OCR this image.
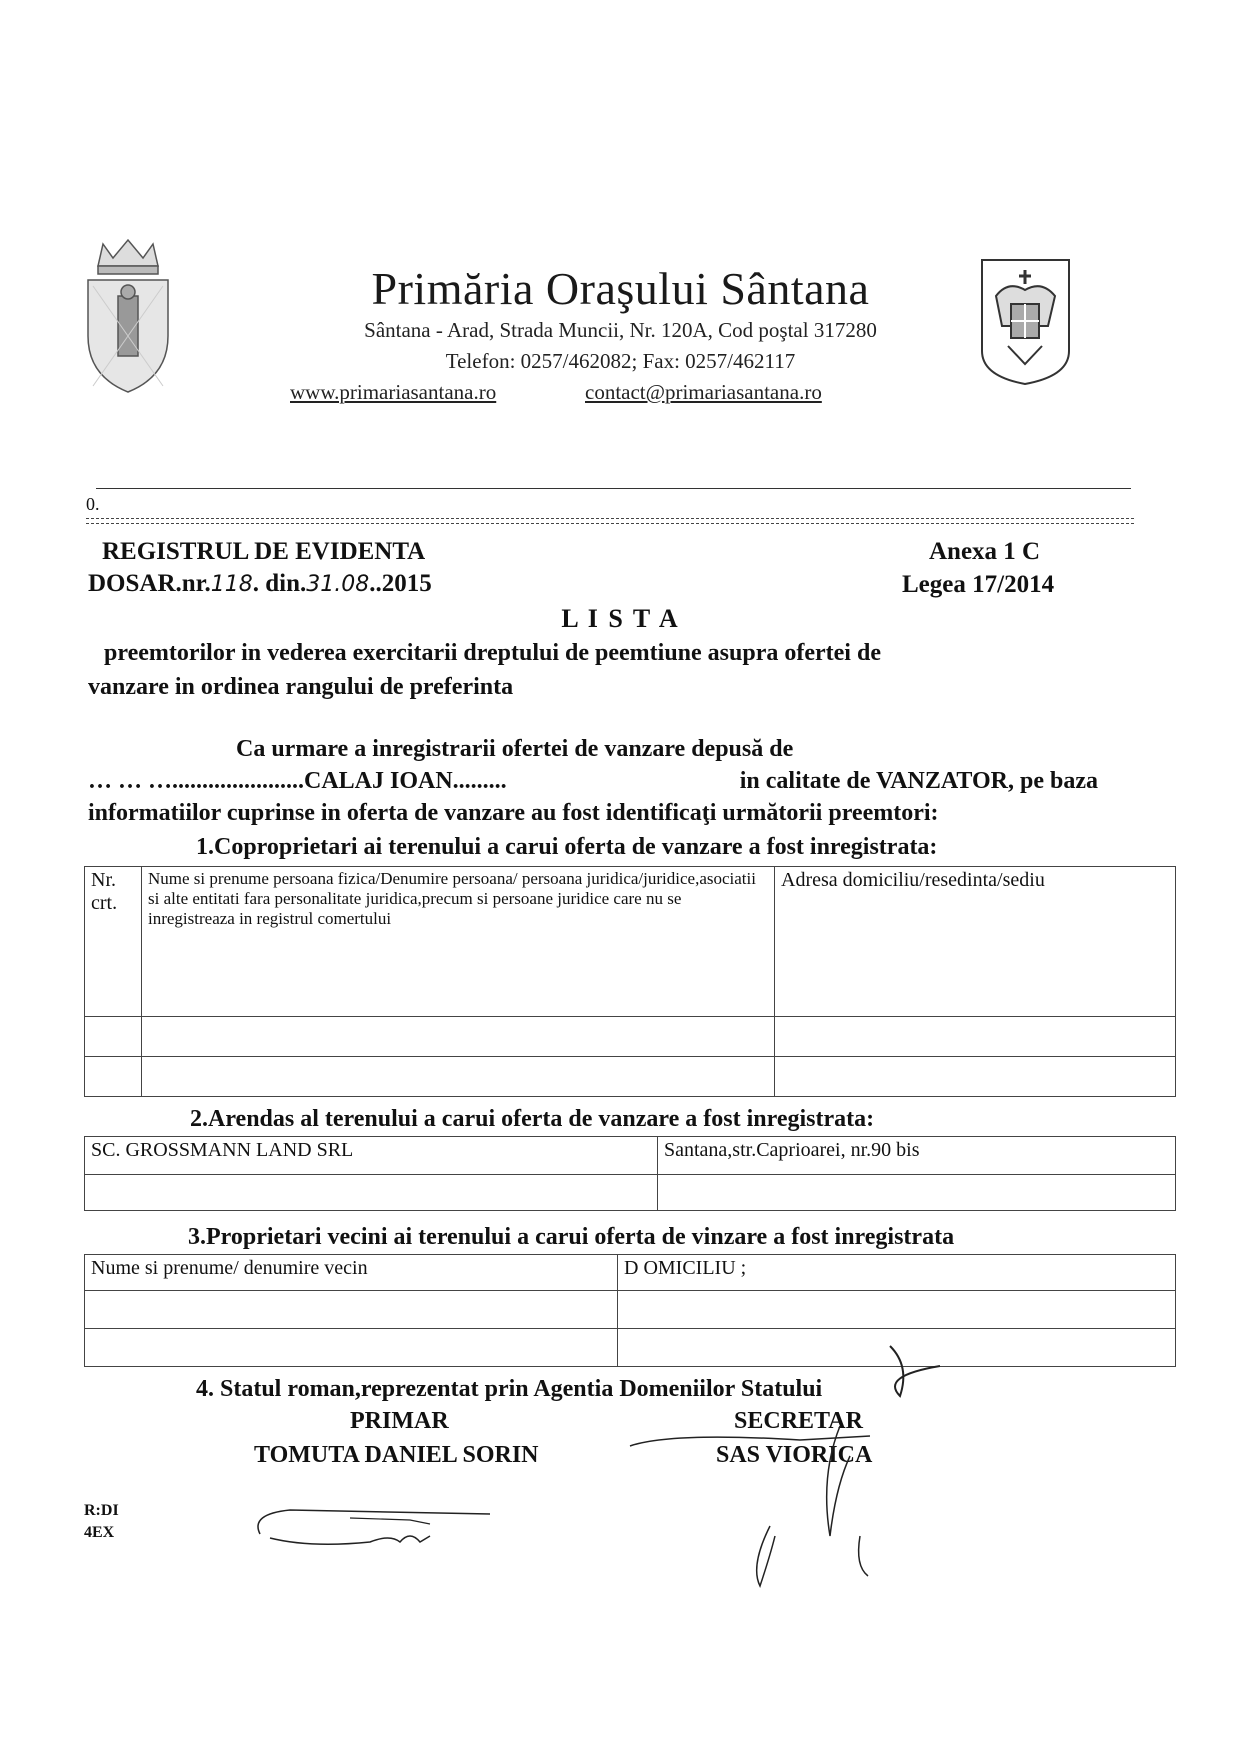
Primăria Oraşului Sântana
Sântana - Arad, Strada Muncii, Nr. 120A, Cod poştal 317280
Telefon: 0257/462082; Fax: 0257/462117
www.primariasantana.ro	contact@primariasantana.ro
0.
REGISTRUL DE EVIDENTA
DOSAR.nr.118. din.31.08..2015
Anexa 1 C
Legea 17/2014
L I S T A
preemtorilor in vederea exercitarii dreptului de peemtiune asupra ofertei de
vanzare in ordinea rangului de preferinta
Ca urmare a inregistrarii ofertei de vanzare depusă de
… … …......................CALAJ IOAN.........	in calitate de VANZATOR, pe baza
informatiilor cuprinse in oferta de vanzare au fost identificaţi următorii preemtori:
1.Coproprietari ai terenului a carui oferta de vanzare a fost inregistrata:
Nr. crt.	Nume si prenume persoana fizica/Denumire persoana/ persoana juridica/juridice,asociatii si alte entitati fara personalitate juridica,precum si persoane juridice care nu se inregistreaza in registrul comertului	Adresa domiciliu/resedinta/sediu

2.Arendas al terenului a carui oferta de vanzare a fost inregistrata:
SC. GROSSMANN LAND SRL	Santana,str.Caprioarei, nr.90 bis

3.Proprietari vecini ai terenului a carui oferta de vinzare a fost inregistrata
Nume si prenume/ denumire vecin	D OMICILIU ;

4. Statul roman,reprezentat prin Agentia Domeniilor Statului
PRIMAR
TOMUTA DANIEL SORIN
SECRETAR
SAS VIORICA
R:DI
4EX
